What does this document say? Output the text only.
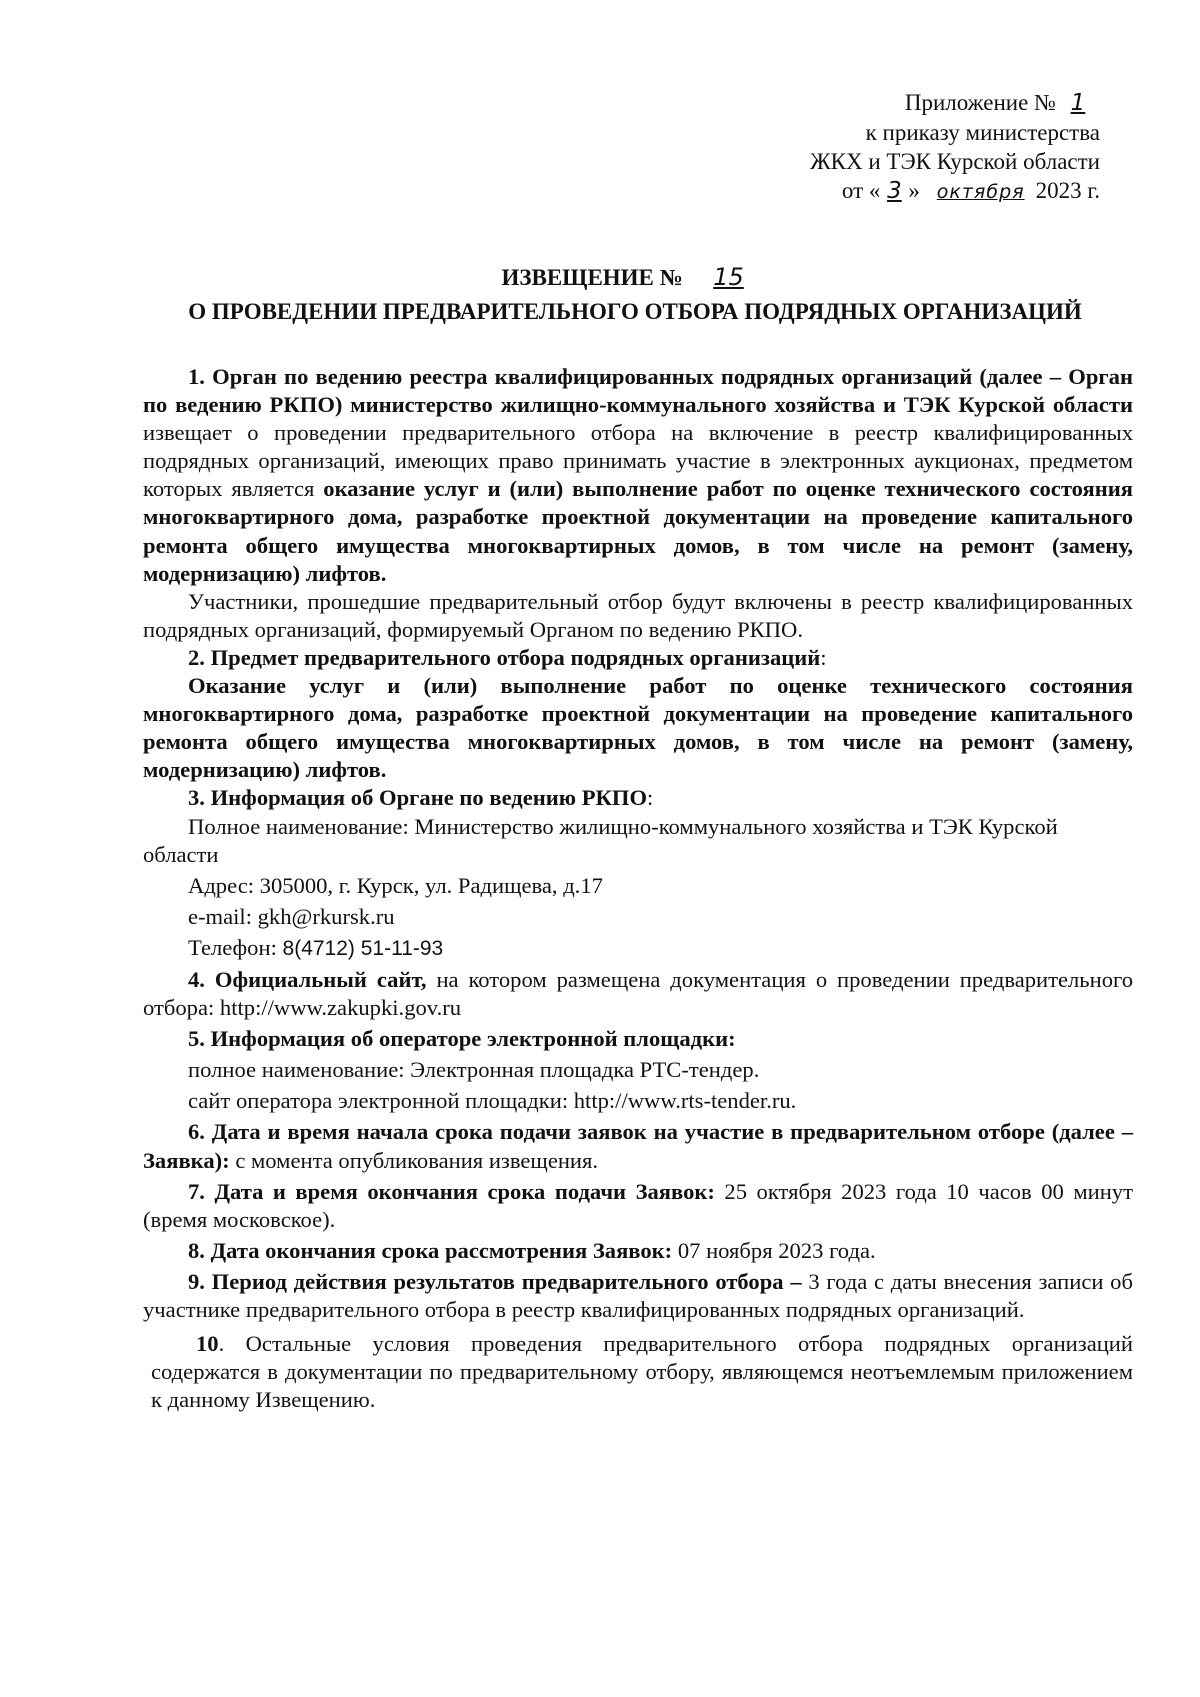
Приложение № 1
к приказу министерства
ЖКХ и ТЭК Курской области
от « 3 » октября 2023 г.
ИЗВЕЩЕНИЕ № 15
О ПРОВЕДЕНИИ ПРЕДВАРИТЕЛЬНОГО ОТБОРА ПОДРЯДНЫХ ОРГАНИЗАЦИЙ

1. Орган по ведению реестра квалифицированных подрядных организаций (далее – Орган по ведению РКПО) министерство жилищно-коммунального хозяйства и ТЭК Курской области извещает о проведении предварительного отбора на включение в реестр квалифицированных подрядных организаций, имеющих право принимать участие в электронных аукционах, предметом которых является оказание услуг и (или) выполнение работ по оценке технического состояния многоквартирного дома, разработке проектной документации на проведение капитального ремонта общего имущества многоквартирных домов, в том числе на ремонт (замену, модернизацию) лифтов.

Участники, прошедшие предварительный отбор будут включены в реестр квалифицированных подрядных организаций, формируемый Органом по ведению РКПО.

2. Предмет предварительного отбора подрядных организаций:

Оказание услуг и (или) выполнение работ по оценке технического состояния многоквартирного дома, разработке проектной документации на проведение капитального ремонта общего имущества многоквартирных домов, в том числе на ремонт (замену, модернизацию) лифтов.

3. Информация об Органе по ведению РКПО:

Полное наименование: Министерство жилищно-коммунального хозяйства и ТЭК Курской области

Адрес: 305000, г. Курск, ул. Радищева, д.17

e-mail: gkh@rkursk.ru

Телефон: 8(4712) 51-11-93

4. Официальный сайт, на котором размещена документация о проведении предварительного отбора: http://www.zakupki.gov.ru

5. Информация об операторе электронной площадки:

полное наименование: Электронная площадка РТС-тендер.

сайт оператора электронной площадки: http://www.rts-tender.ru.

6. Дата и время начала срока подачи заявок на участие в предварительном отборе (далее – Заявка): с момента опубликования извещения.

7. Дата и время окончания срока подачи Заявок: 25 октября 2023 года 10 часов 00 минут (время московское).

8. Дата окончания срока рассмотрения Заявок: 07 ноября 2023 года.

9. Период действия результатов предварительного отбора – 3 года с даты внесения записи об участнике предварительного отбора в реестр квалифицированных подрядных организаций.

10. Остальные условия проведения предварительного отбора подрядных организаций содержатся в документации по предварительному отбору, являющемся неотъемлемым приложением к данному Извещению.
